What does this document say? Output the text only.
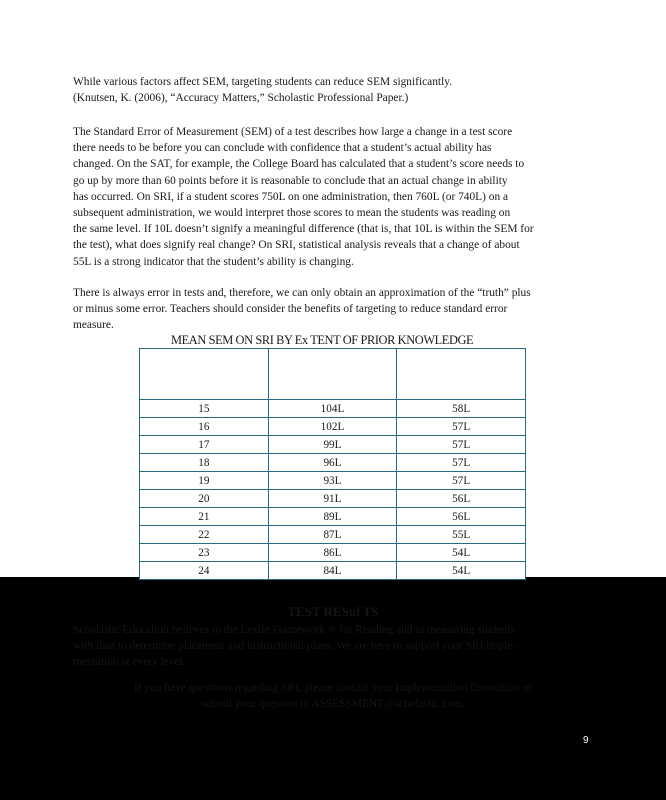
While various factors affect SEM, targeting students can reduce SEM significantly.
(Knutsen, K. (2006), “Accuracy Matters,” Scholastic Professional Paper.)
The Standard Error of Measurement (SEM) of a test describes how large a change in a test score
there needs to be before you can conclude with confidence that a student’s actual ability has
changed. On the SAT, for example, the College Board has calculated that a student’s score needs to
go up by more than 60 points before it is reasonable to conclude that an actual change in ability
has occurred. On SRI, if a student scores 750L on one administration, then 760L (or 740L) on a
subsequent administration, we would interpret those scores to mean the students was reading on
the same level. If 10L doesn’t signify a meaningful difference (that is, that 10L is within the SEM for
the test), what does signify real change? On SRI, statistical analysis reveals that a change of about
55L is a strong indicator that the student’s ability is changing.
There is always error in tests and, therefore, we can only obtain an approximation of the “truth” plus
or minus some error. Teachers should consider the benefits of targeting to reduce standard error
measure.
MEAN SEM ON SRI BY Ex TENT OF PRIOR KNOWLEDGE

15	104L	58L
16	102L	57L
17	99L	57L
18	96L	57L
19	93L	57L
20	91L	56L
21	89L	56L
22	87L	55L
23	86L	54L
24	84L	54L
TEST RESul TS
Scholastic Education believes in the Lexile Framework ® for Reading and in measuring students
with data to determine placement and instructional plans. We are here to support your SRI imple-
mentation at every level.
If you have questions regarding SRI, please contact your Implementation Consultant or
submit your question to ASSESSMENT@scholastic.com.
9
